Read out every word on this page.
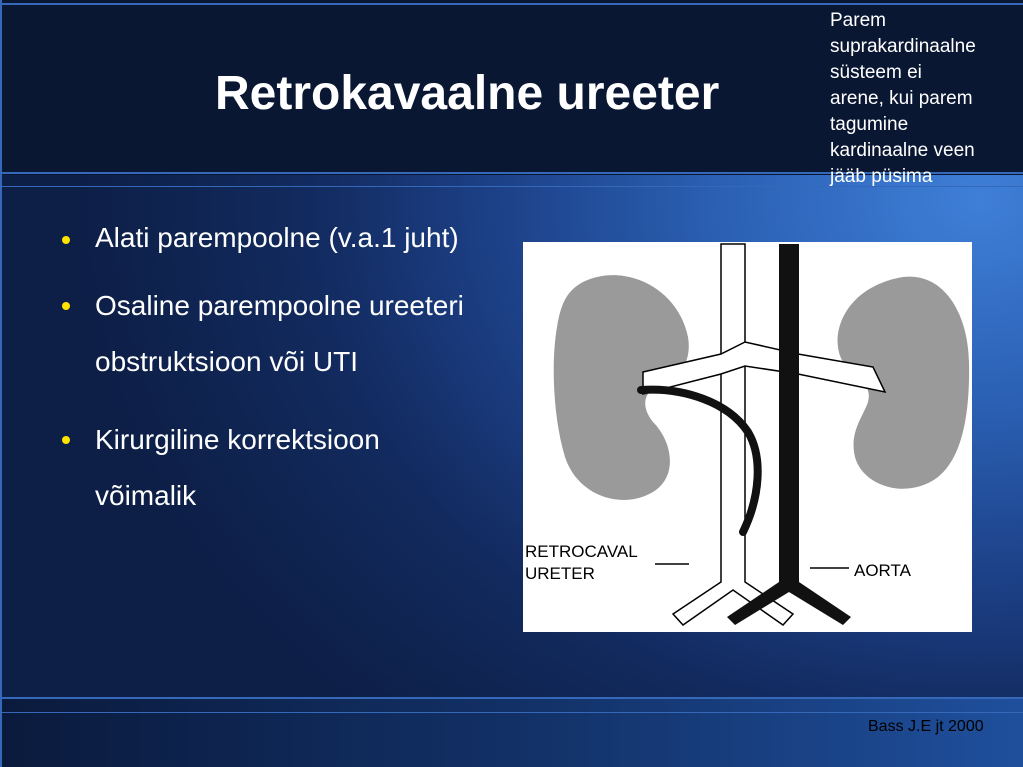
Retrokavaalne ureeter
Parem
suprakardinaalne
süsteem ei
arene, kui parem
tagumine
kardinaalne veen
jääb püsima
Alati parempoolne (v.a.1 juht)
Osaline parempoolne ureeteri obstruktsioon või UTI
Kirurgiline korrektsioon võimalik
RETROCAVAL
URETER	AORTA
Bass J.E jt 2000
